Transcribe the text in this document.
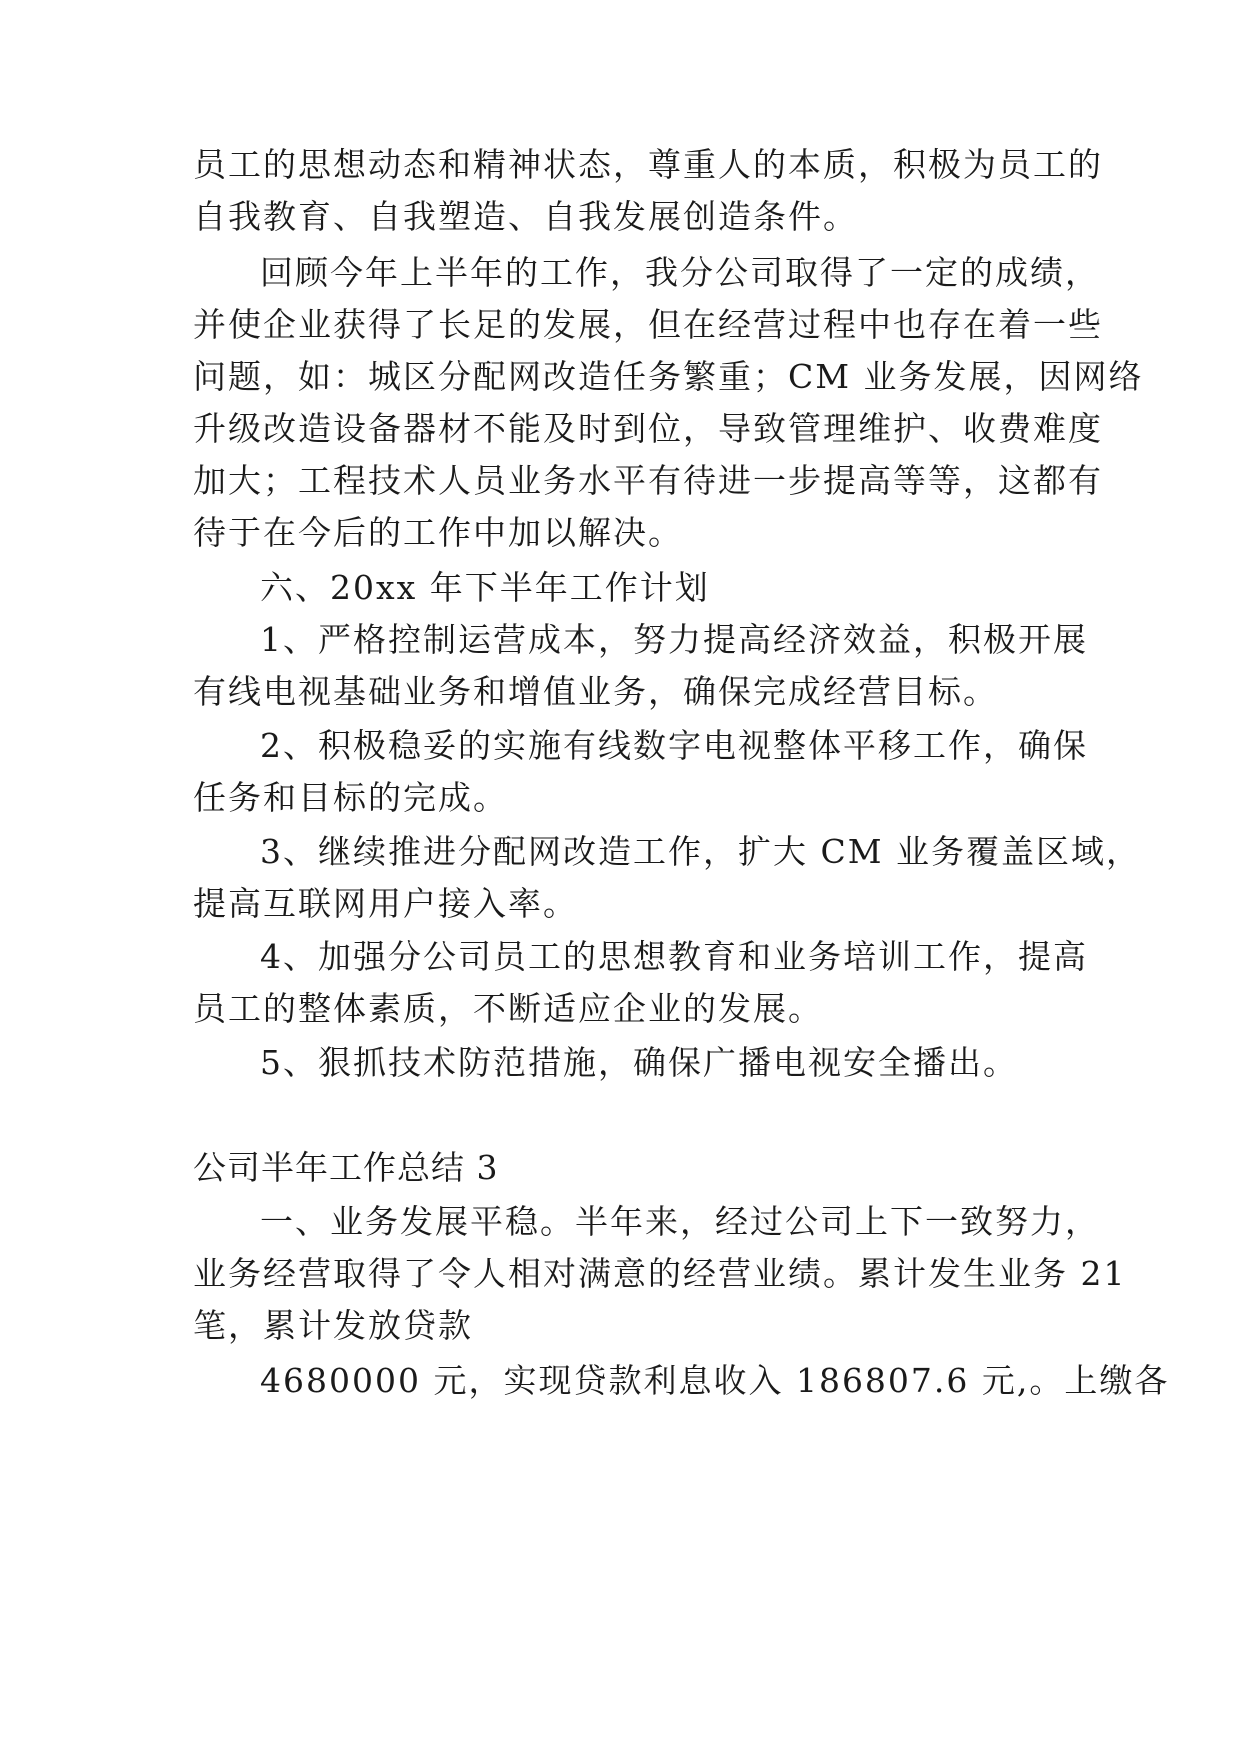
员工的思想动态和精神状态，尊重人的本质，积极为员工的
自我教育、自我塑造、自我发展创造条件。
回顾今年上半年的工作，我分公司取得了一定的成绩，
并使企业获得了长足的发展，但在经营过程中也存在着一些
问题，如：城区分配网改造任务繁重；CM 业务发展，因网络
升级改造设备器材不能及时到位，导致管理维护、收费难度
加大；工程技术人员业务水平有待进一步提高等等，这都有
待于在今后的工作中加以解决。
六、20xx 年下半年工作计划
1、严格控制运营成本，努力提高经济效益，积极开展
有线电视基础业务和增值业务，确保完成经营目标。
2、积极稳妥的实施有线数字电视整体平移工作，确保
任务和目标的完成。
3、继续推进分配网改造工作，扩大 CM 业务覆盖区域，
提高互联网用户接入率。
4、加强分公司员工的思想教育和业务培训工作，提高
员工的整体素质，不断适应企业的发展。
5、狠抓技术防范措施，确保广播电视安全播出。
公司半年工作总结 3
一、业务发展平稳。半年来，经过公司上下一致努力，
业务经营取得了令人相对满意的经营业绩。累计发生业务 21
笔，累计发放贷款
4680000 元，实现贷款利息收入 186807.6 元,。上缴各
